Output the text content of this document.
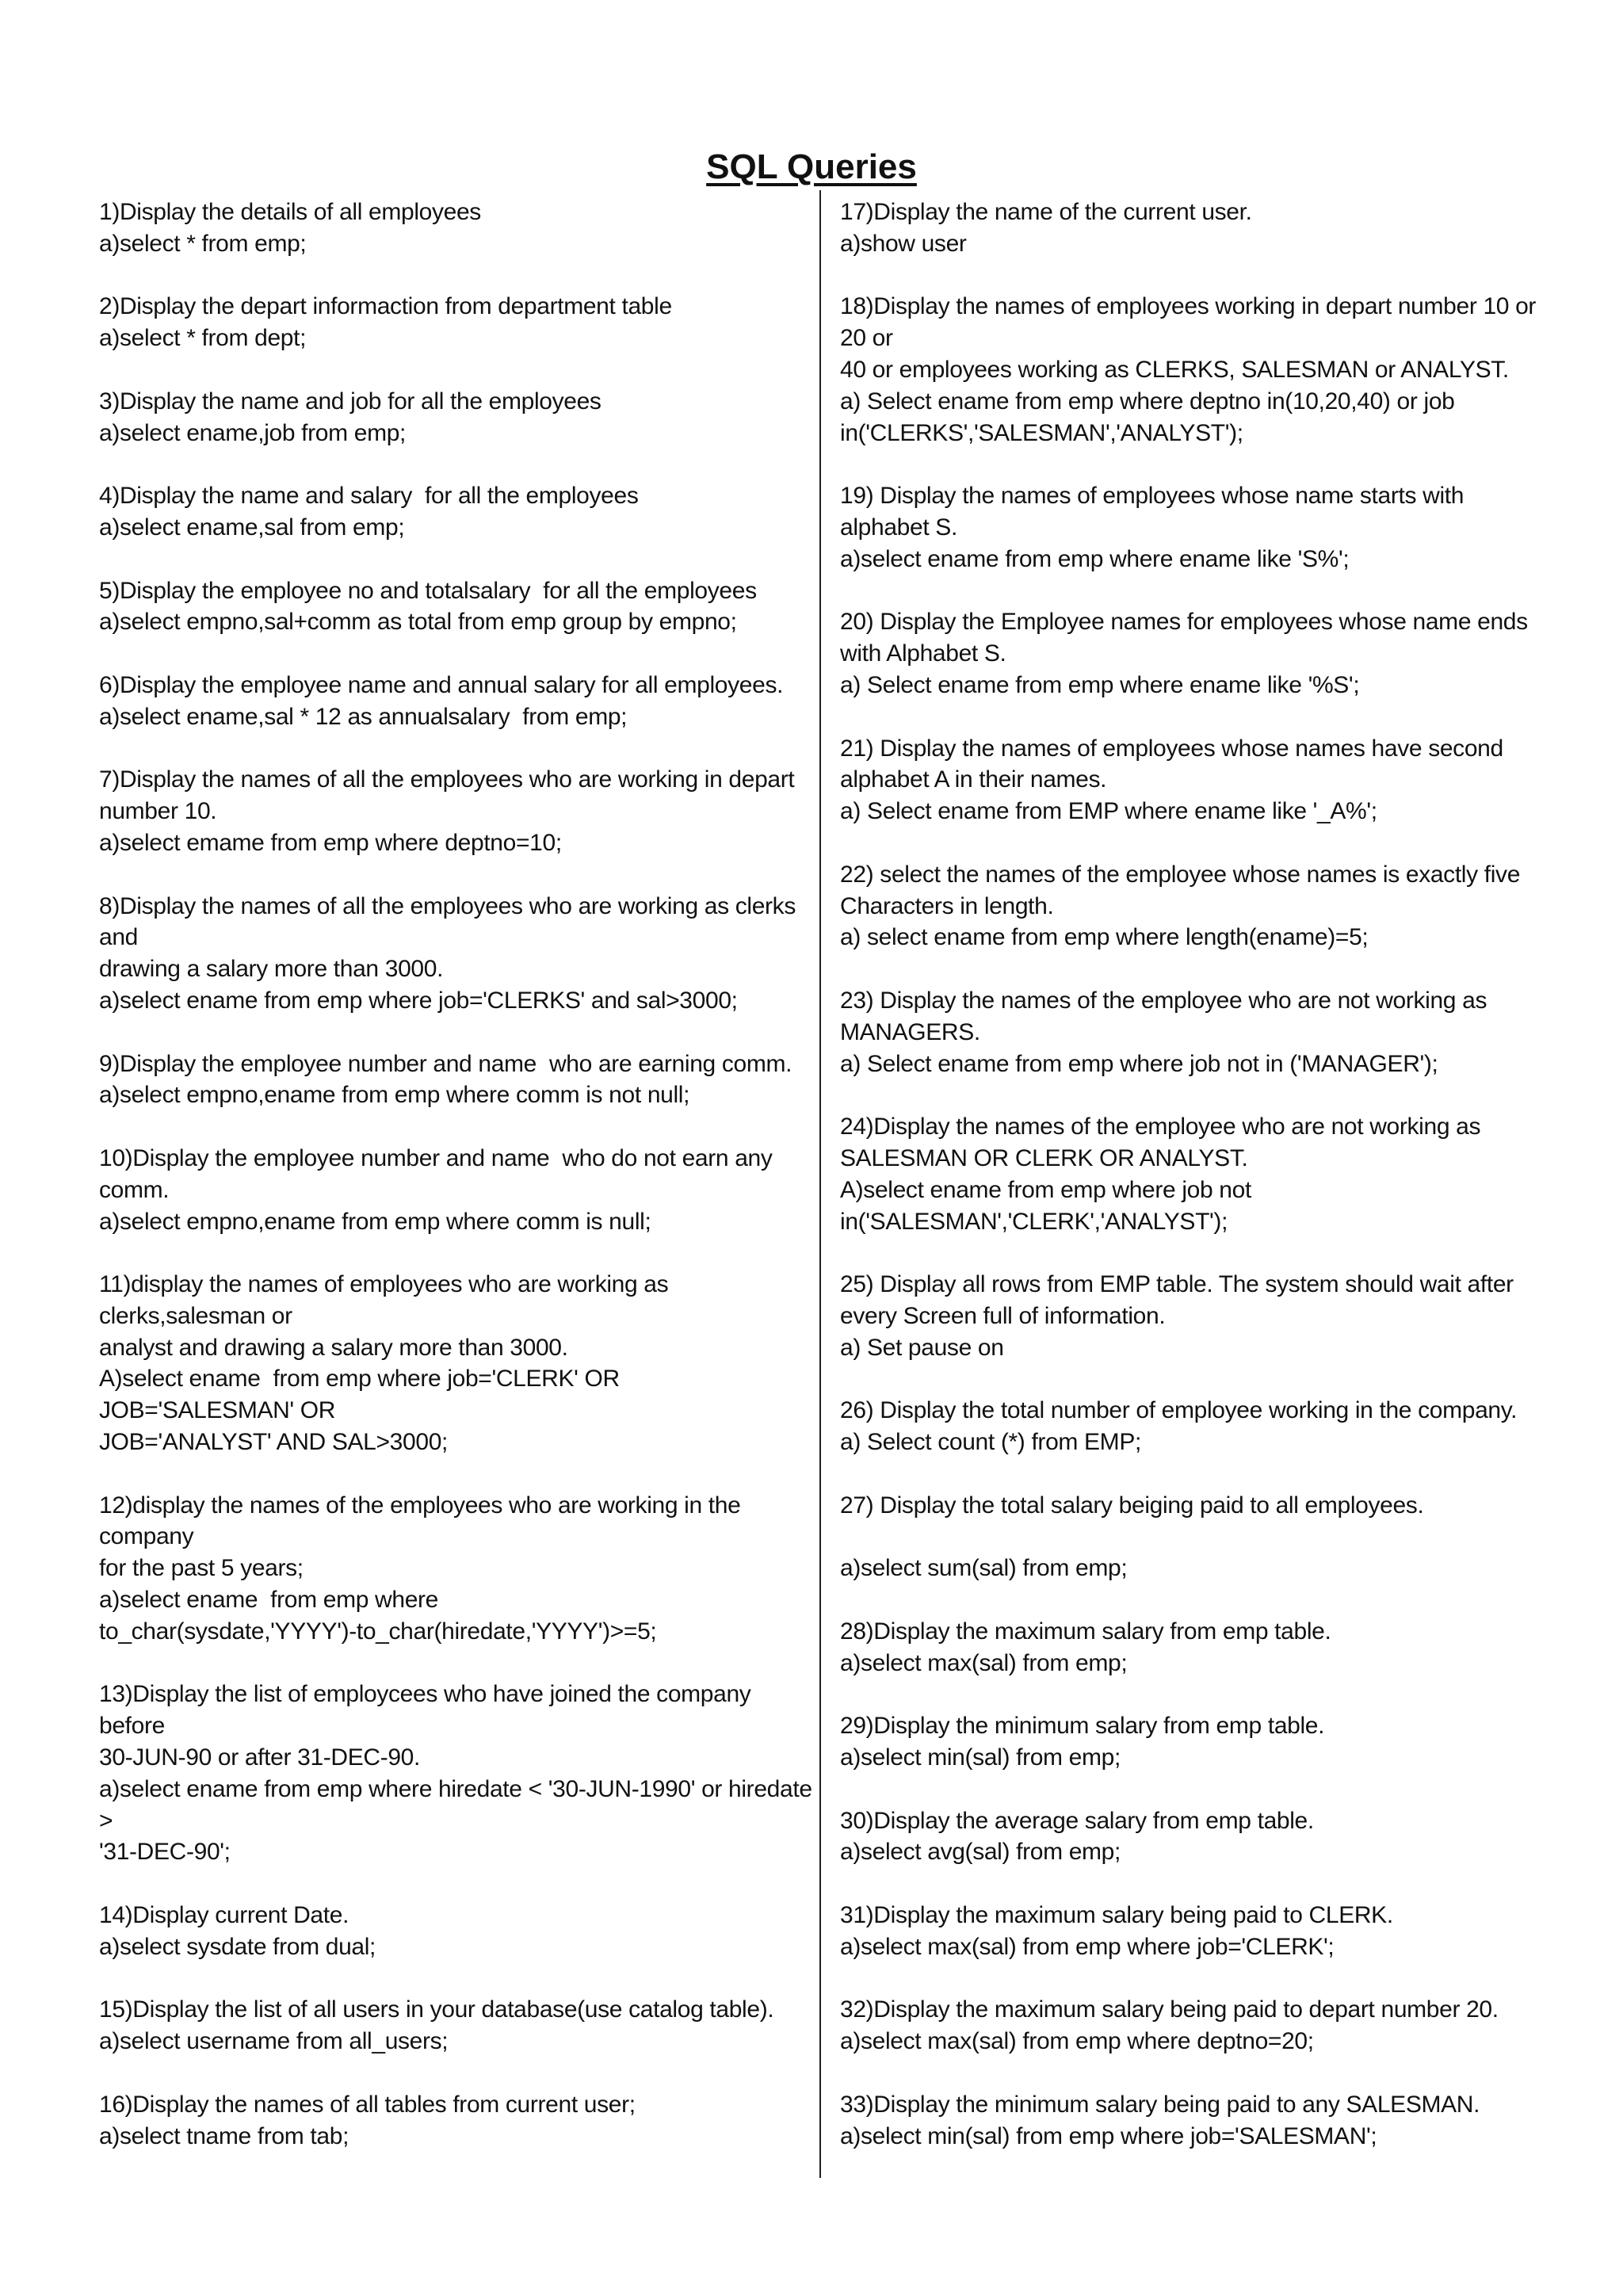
SQL Queries
1)Display the details of all employees
a)select * from emp;
2)Display the depart informaction from department table
a)select * from dept;
3)Display the name and job for all the employees
a)select ename,job from emp;
4)Display the name and salary  for all the employees
a)select ename,sal from emp;
5)Display the employee no and totalsalary  for all the employees
a)select empno,sal+comm as total from emp group by empno;
6)Display the employee name and annual salary for all employees.
a)select ename,sal * 12 as annualsalary  from emp;
7)Display the names of all the employees who are working in depart
number 10.
a)select emame from emp where deptno=10;
8)Display the names of all the employees who are working as clerks
and
drawing a salary more than 3000.
a)select ename from emp where job='CLERKS' and sal>3000;
9)Display the employee number and name  who are earning comm.
a)select empno,ename from emp where comm is not null;
10)Display the employee number and name  who do not earn any
comm.
a)select empno,ename from emp where comm is null;
11)display the names of employees who are working as
clerks,salesman or
analyst and drawing a salary more than 3000.
A)select ename  from emp where job='CLERK' OR
JOB='SALESMAN' OR
JOB='ANALYST' AND SAL>3000;
12)display the names of the employees who are working in the
company
for the past 5 years;
a)select ename  from emp where
to_char(sysdate,'YYYY')-to_char(hiredate,'YYYY')>=5;
13)Display the list of employcees who have joined the company
before
30-JUN-90 or after 31-DEC-90.
a)select ename from emp where hiredate < '30-JUN-1990' or hiredate
>
'31-DEC-90';
14)Display current Date.
a)select sysdate from dual;
15)Display the list of all users in your database(use catalog table).
a)select username from all_users;
16)Display the names of all tables from current user;
a)select tname from tab;
17)Display the name of the current user.
a)show user
18)Display the names of employees working in depart number 10 or
20 or
40 or employees working as CLERKS, SALESMAN or ANALYST.
a) Select ename from emp where deptno in(10,20,40) or job
in('CLERKS','SALESMAN','ANALYST');
19) Display the names of employees whose name starts with
alphabet S.
a)select ename from emp where ename like 'S%';
20) Display the Employee names for employees whose name ends
with Alphabet S.
a) Select ename from emp where ename like '%S';
21) Display the names of employees whose names have second
alphabet A in their names.
a) Select ename from EMP where ename like '_A%';
22) select the names of the employee whose names is exactly five
Characters in length.
a) select ename from emp where length(ename)=5;
23) Display the names of the employee who are not working as
MANAGERS.
a) Select ename from emp where job not in ('MANAGER');
24)Display the names of the employee who are not working as
SALESMAN OR CLERK OR ANALYST.
A)select ename from emp where job not
in('SALESMAN','CLERK','ANALYST');
25) Display all rows from EMP table. The system should wait after
every Screen full of information.
a) Set pause on
26) Display the total number of employee working in the company.
a) Select count (*) from EMP;
27) Display the total salary beiging paid to all employees.
a)select sum(sal) from emp;
28)Display the maximum salary from emp table.
a)select max(sal) from emp;
29)Display the minimum salary from emp table.
a)select min(sal) from emp;
30)Display the average salary from emp table.
a)select avg(sal) from emp;
31)Display the maximum salary being paid to CLERK.
a)select max(sal) from emp where job='CLERK';
32)Display the maximum salary being paid to depart number 20.
a)select max(sal) from emp where deptno=20;
33)Display the minimum salary being paid to any SALESMAN.
a)select min(sal) from emp where job='SALESMAN';
